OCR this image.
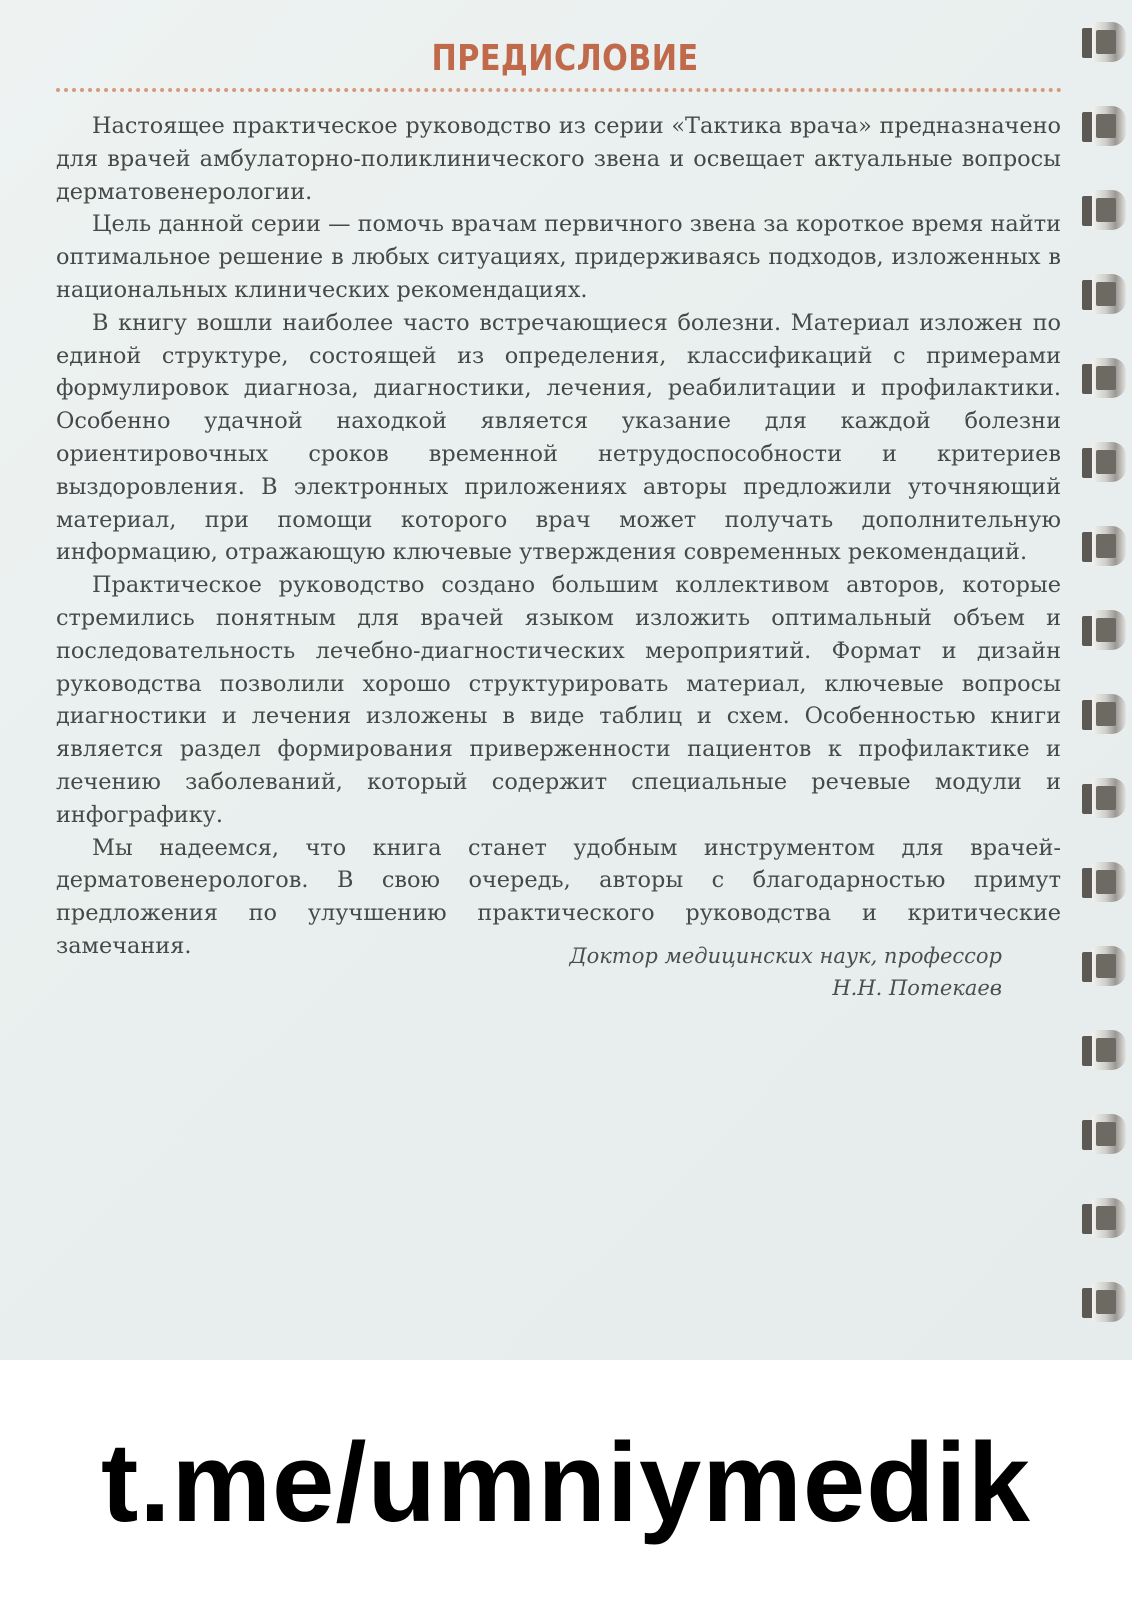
ПРЕДИСЛОВИЕ

Настоящее практическое руководство из серии «Тактика врача» предназначено для врачей амбулаторно-поликлинического звена и освещает актуальные вопросы дерматовенерологии.

Цель данной серии — помочь врачам первичного звена за короткое время найти оптимальное решение в любых ситуациях, придерживаясь подходов, изложенных в национальных клинических рекомендациях.

В книгу вошли наиболее часто встречающиеся болезни. Материал изложен по единой структуре, состоящей из определения, классификаций с примерами формулировок диагноза, диагностики, лечения, реабилитации и профилактики. Особенно удачной находкой является указание для каждой болезни ориентировочных сроков временной нетрудоспособности и критериев выздоровления. В электронных приложениях авторы предложили уточняющий материал, при помощи которого врач может получать дополнительную информацию, отражающую ключевые утверждения современных рекомендаций.

Практическое руководство создано большим коллективом авторов, которые стремились понятным для врачей языком изложить оптимальный объем и последовательность лечебно-диагностических мероприятий. Формат и дизайн руководства позволили хорошо структурировать материал, ключевые вопросы диагностики и лечения изложены в виде таблиц и схем. Особенностью книги является раздел формирования приверженности пациентов к профилактике и лечению заболеваний, который содержит специальные речевые модули и инфографику.

Мы надеемся, что книга станет удобным инструментом для врачей-дерматовенерологов. В свою очередь, авторы с благодарностью примут предложения по улучшению практического руководства и критические замечания.	Доктор медицинских наук, профессор
Н.Н. Потекаев
t.me/umniymedik
